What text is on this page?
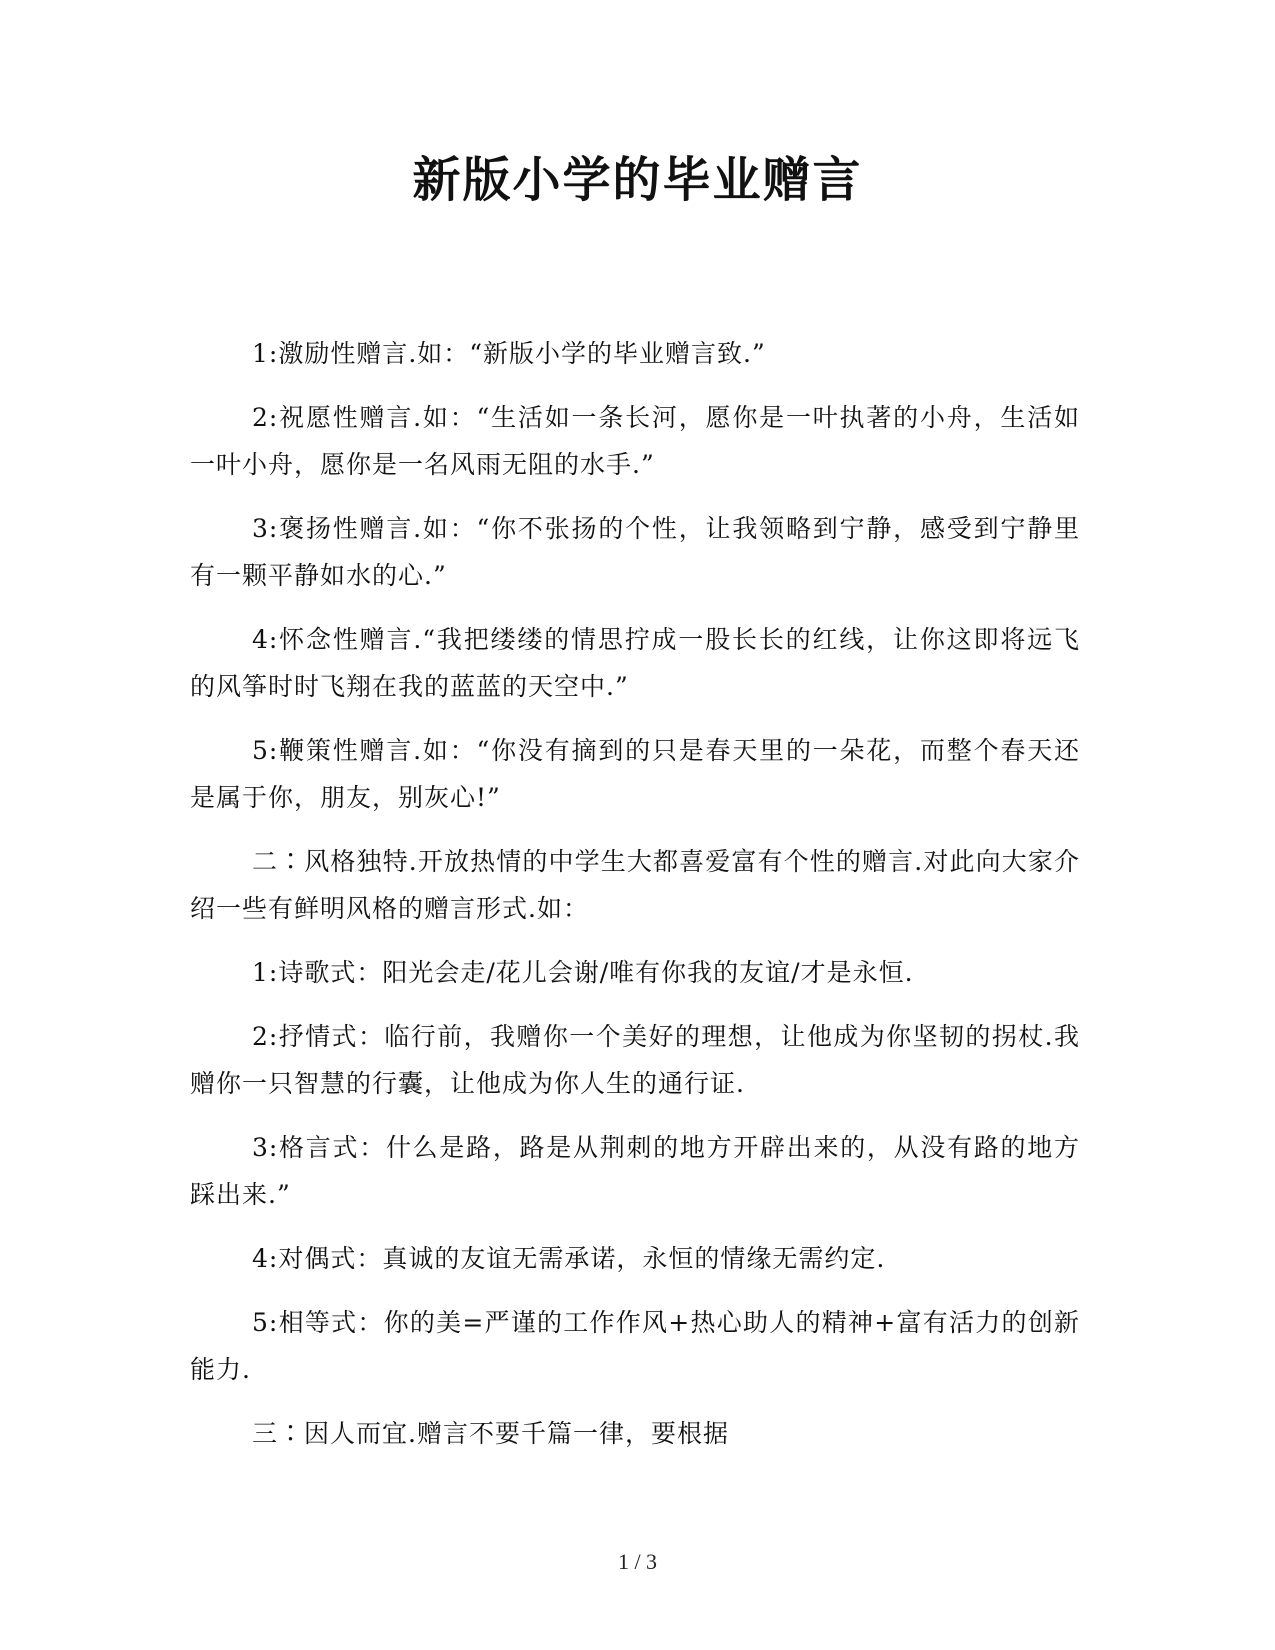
新版小学的毕业赠言

1:激励性赠言.如：“新版小学的毕业赠言致.”

2:祝愿性赠言.如：“生活如一条长河，愿你是一叶执著的小舟，生活如一叶小舟，愿你是一名风雨无阻的水手.”

3:褒扬性赠言.如：“你不张扬的个性，让我领略到宁静，感受到宁静里有一颗平静如水的心.”

4:怀念性赠言.“我把缕缕的情思拧成一股长长的红线，让你这即将远飞的风筝时时飞翔在我的蓝蓝的天空中.”

5:鞭策性赠言.如：“你没有摘到的只是春天里的一朵花，而整个春天还是属于你，朋友，别灰心!”

二∶风格独特.开放热情的中学生大都喜爱富有个性的赠言.对此向大家介绍一些有鲜明风格的赠言形式.如：

1:诗歌式：阳光会走/花儿会谢/唯有你我的友谊/才是永恒.

2:抒情式：临行前，我赠你一个美好的理想，让他成为你坚韧的拐杖.我赠你一只智慧的行囊，让他成为你人生的通行证.

3:格言式：什么是路，路是从荆刺的地方开辟出来的，从没有路的地方踩出来.”

4:对偶式：真诚的友谊无需承诺，永恒的情缘无需约定.

5:相等式：你的美=严谨的工作作风+热心助人的精神+富有活力的创新能力.

三∶因人而宜.赠言不要千篇一律，要根据

1 / 3
